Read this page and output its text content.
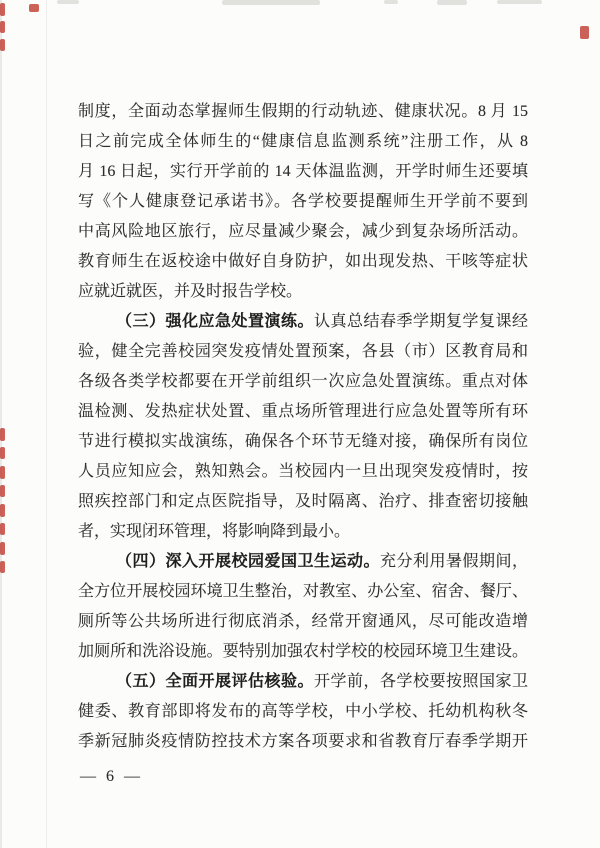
制度，全面动态掌握师生假期的行动轨迹、健康状况。8 月 15
日之前完成全体师生的“健康信息监测系统”注册工作，从 8
月 16 日起，实行开学前的 14 天体温监测，开学时师生还要填
写《个人健康登记承诺书》。各学校要提醒师生开学前不要到
中高风险地区旅行，应尽量减少聚会，减少到复杂场所活动。
教育师生在返校途中做好自身防护，如出现发热、干咳等症状
应就近就医，并及时报告学校。
（三）强化应急处置演练。认真总结春季学期复学复课经
验，健全完善校园突发疫情处置预案，各县（市）区教育局和
各级各类学校都要在开学前组织一次应急处置演练。重点对体
温检测、发热症状处置、重点场所管理进行应急处置等所有环
节进行模拟实战演练，确保各个环节无缝对接，确保所有岗位
人员应知应会，熟知熟会。当校园内一旦出现突发疫情时，按
照疾控部门和定点医院指导，及时隔离、治疗、排查密切接触
者，实现闭环管理，将影响降到最小。
（四）深入开展校园爱国卫生运动。充分利用暑假期间，
全方位开展校园环境卫生整治，对教室、办公室、宿舍、餐厅、
厕所等公共场所进行彻底消杀，经常开窗通风，尽可能改造增
加厕所和洗浴设施。要特别加强农村学校的校园环境卫生建设。
（五）全面开展评估核验。开学前，各学校要按照国家卫
健委、教育部即将发布的高等学校，中小学校、托幼机构秋冬
季新冠肺炎疫情防控技术方案各项要求和省教育厅春季学期开
— 6 —
